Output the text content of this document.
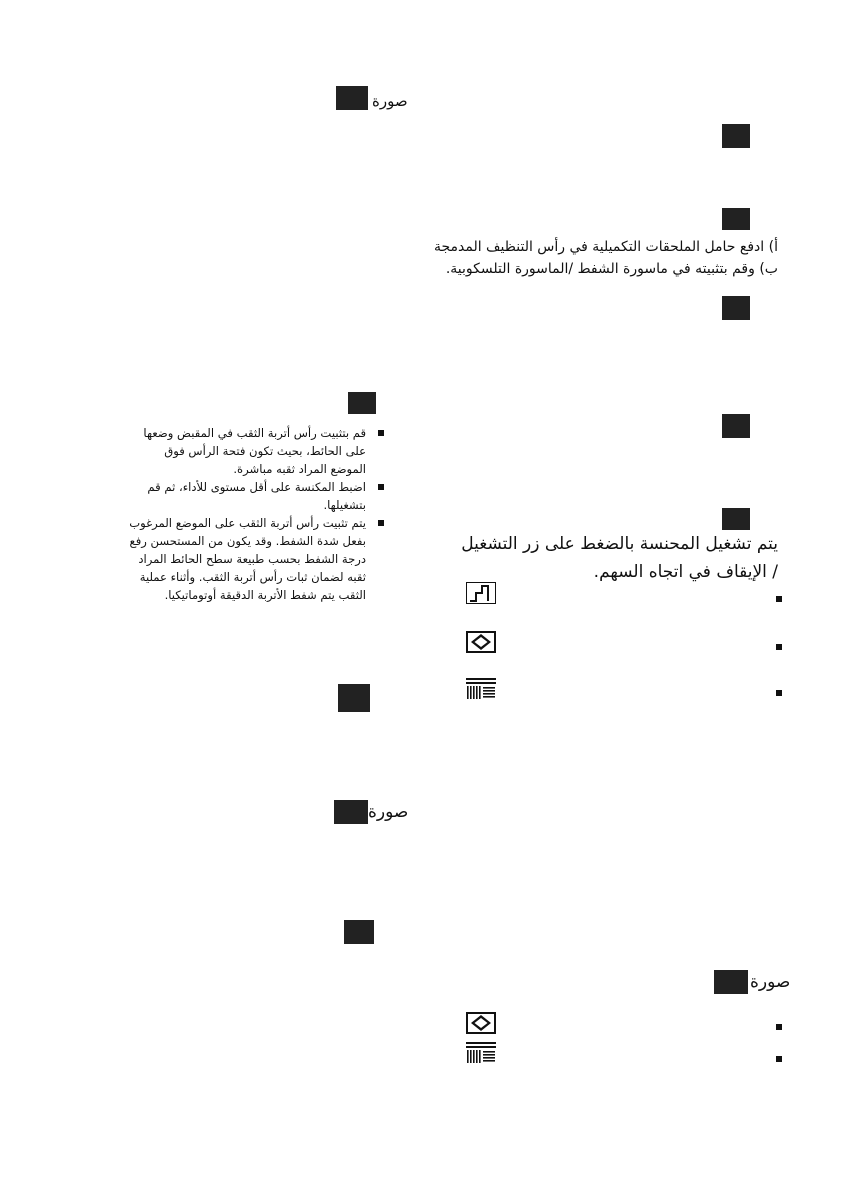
صورة

قم بتثبيت رأس أتربة الثقب في المقبض وضعها على الحائط، بحيث تكون فتحة الرأس فوق الموضع المراد ثقبه مباشرة.

اضبط المكنسة على أقل مستوى للأداء، ثم قم بتشغيلها.

يتم تثبيت رأس أتربة الثقب على الموضع المرغوب بفعل شدة الشفط. وقد يكون من المستحسن رفع درجة الشفط بحسب طبيعة سطح الحائط المراد ثقبه لضمان ثبات رأس أتربة الثقب. وأثناء عملية الثقب يتم شفط الأتربة الدقيقة أوتوماتيكيا.

صورة
أ) ادفع حامل الملحقات التكميلية في رأس التنظيف المدمجة
ب) وقم بتثبيته في ماسورة الشفط /الماسورة التلسكوبية.
يتم تشغيل المحنسة بالضغط على زر التشغيل / الإيقاف في اتجاه السهم.
صورة
